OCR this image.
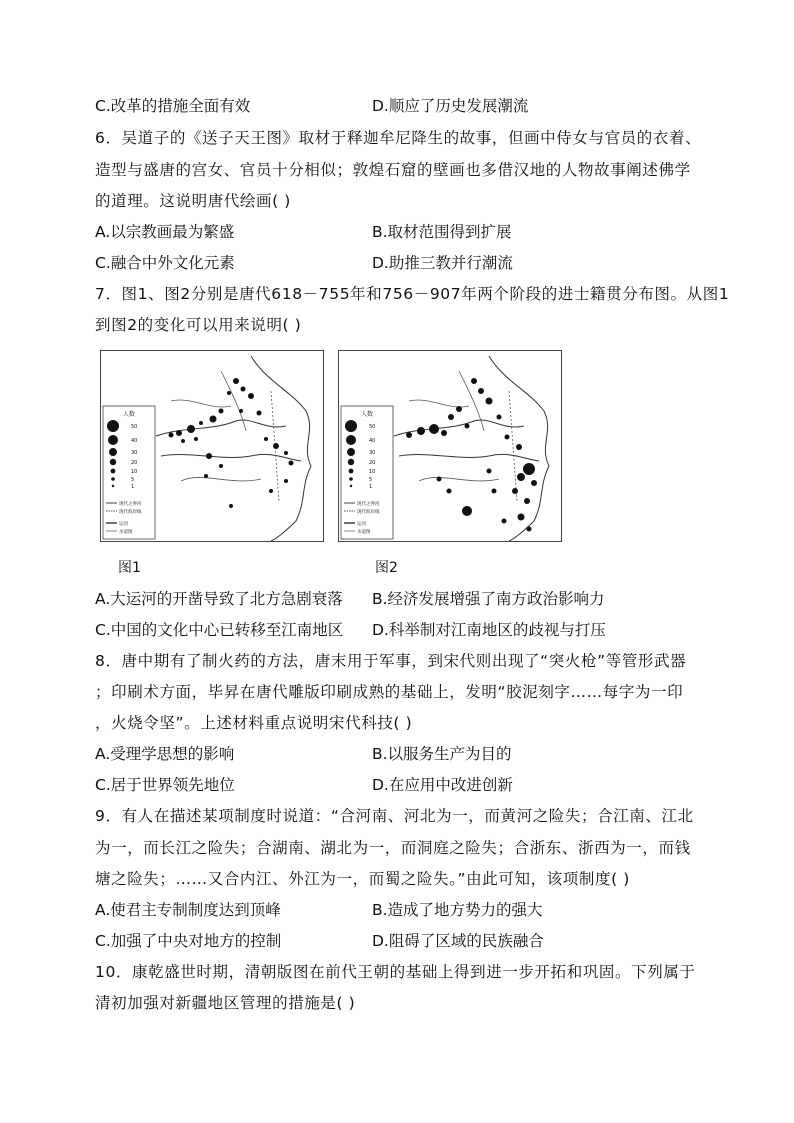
C.改革的措施全面有效	D.顺应了历史发展潮流
6．吴道子的《送子天王图》取材于释迦牟尼降生的故事，但画中侍女与官员的衣着、
造型与盛唐的宫女、官员十分相似；敦煌石窟的壁画也多借汉地的人物故事阐述佛学
的道理。这说明唐代绘画( )
A.以宗教画最为繁盛	B.取材范围得到扩展
C.融合中外文化元素	D.助推三教并行潮流
7．图1、图2分别是唐代618－755年和756－907年两个阶段的进士籍贯分布图。从图1
到图2的变化可以用来说明( )
人数
50
40
30
20
10
5
1
现代之界河
现代海岸线
运河
水道图
人数
50
40
30
20
10
5
1
现代之界河
现代海岸线
运河
水道图
图1	图2
A.大运河的开凿导致了北方急剧衰落 B.经济发展增强了南方政治影响力
C.中国的文化中心已转移至江南地区 D.科举制对江南地区的歧视与打压
8．唐中期有了制火药的方法，唐末用于军事，到宋代则出现了“突火枪”等管形武器
；印刷术方面，毕昇在唐代雕版印刷成熟的基础上，发明“胶泥刻字……每字为一印
，火烧令坚”。上述材料重点说明宋代科技( )
A.受理学思想的影响	B.以服务生产为目的
C.居于世界领先地位	D.在应用中改进创新
9．有人在描述某项制度时说道：“合河南、河北为一，而黄河之险失；合江南、江北
为一，而长江之险失；合湖南、湖北为一，而洞庭之险失；合浙东、浙西为一，而钱
塘之险失；……又合内江、外江为一，而蜀之险失。”由此可知，该项制度( )
A.使君主专制制度达到顶峰	B.造成了地方势力的强大
C.加强了中央对地方的控制	D.阻碍了区域的民族融合
10．康乾盛世时期，清朝版图在前代王朝的基础上得到进一步开拓和巩固。下列属于
清初加强对新疆地区管理的措施是( )
